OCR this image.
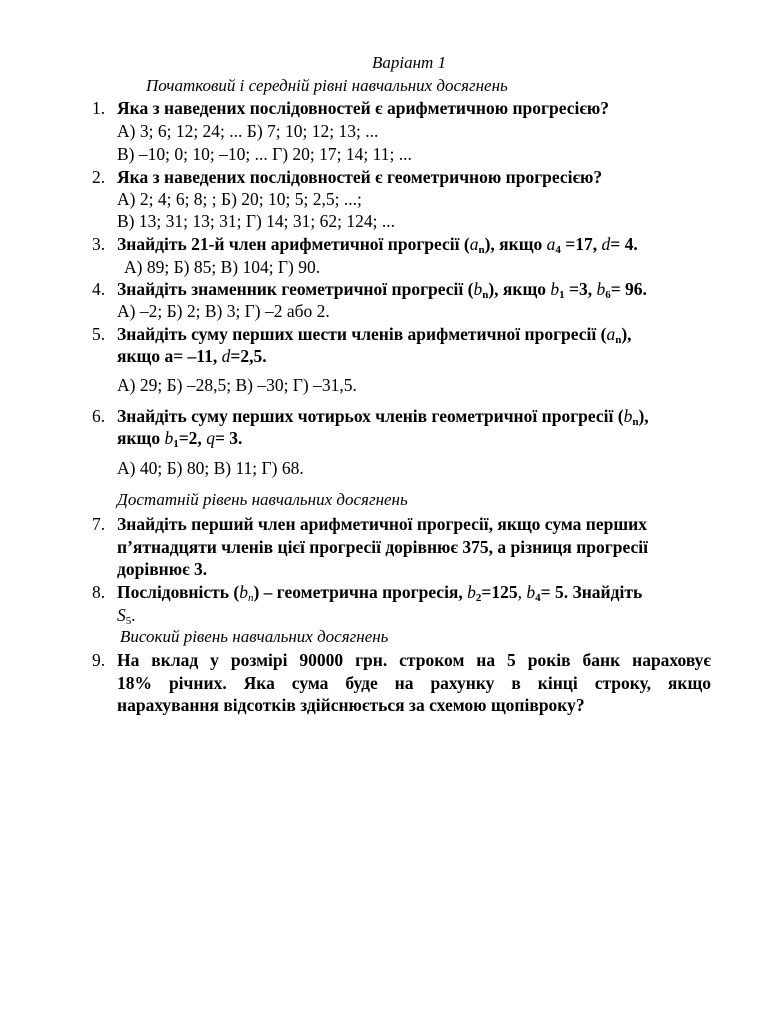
Варіант 1
Початковий і середній рівні навчальних досягнень
1. Яка з наведених послідовностей є арифметичною прогресією?
А) 3; 6; 12; 24; ... Б) 7; 10; 12; 13; ...
В) –10; 0; 10; –10; ... Г) 20; 17; 14; 11; ...
2. Яка з наведених послідовностей є геометричною прогресією?
А) 2; 4; 6; 8; ; Б) 20; 10; 5; 2,5; ...;
В) 13; 31; 13; 31; Г) 14; 31; 62; 124; ...
3. Знайдіть 21-й член арифметичної прогресії $(a_n)$, якщо $a_4 =17$, d= 4.
А) 89; Б) 85; В) 104; Г) 90.
4. Знайдіть знаменник геометричної прогресії $(b_n)$, якщо $b_1 =3$, $b_6= 96$.
А) –2; Б) 2; В) 3; Г) –2 або 2.
5. Знайдіть суму перших шести членів арифметичної прогресії $(a_n)$,
якщо a= –11, d=2,5.
А) 29; Б) –28,5; В) –30; Г) –31,5.
6. Знайдіть суму перших чотирьох членів геометричної прогресії $(b_n)$,
якщо $b_1=2$, q= 3.
А) 40; Б) 80; В) 11; Г) 68.
Достатній рівень навчальних досягнень
7. Знайдіть перший член арифметичної прогресії, якщо сума перших
п’ятнадцяти членів цієї прогресії дорівнює 375, а різниця прогресії
дорівнює 3.
8. Послідовність $(b_n)$ – геометрична прогресія, $b_2=125$, $b_4= 5$. Знайдіть
$S_5$.
Високий рівень навчальних досягнень
9. На вклад у розмірі 90000 грн. строком на 5 років банк нараховує
18% річних. Яка сума буде на рахунку в кінці строку, якщо
нарахування відсотків здійснюється за схемою щопівроку?
